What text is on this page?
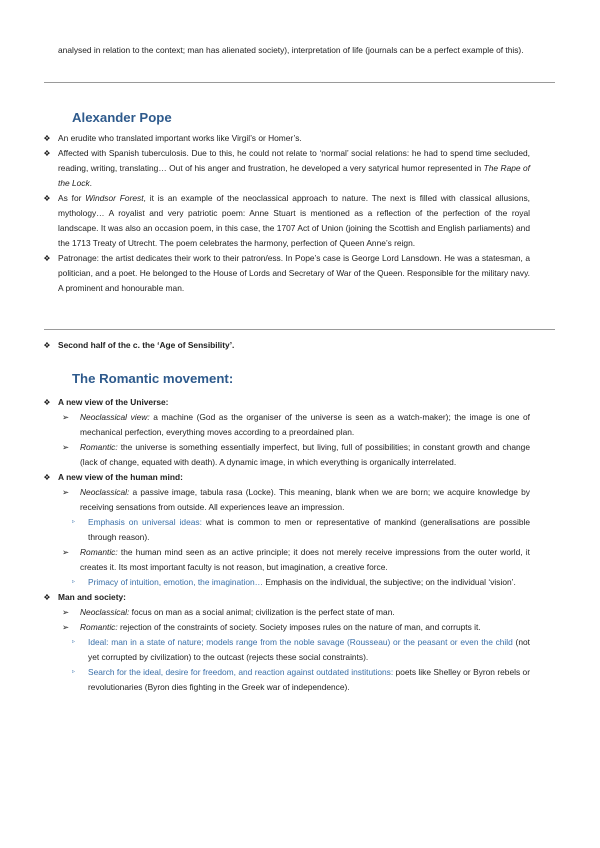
analysed in relation to the context; man has alienated society), interpretation of life (journals can be a perfect example of this).

Alexander Pope
❖ An erudite who translated important works like Virgil’s or Homer’s.
❖ Affected with Spanish tuberculosis. Due to this, he could not relate to ‘normal’ social relations: he had to spend time secluded, reading, writing, translating… Out of his anger and frustration, he developed a very satyrical humor represented in The Rape of the Lock.
❖ As for Windsor Forest, it is an example of the neoclassical approach to nature. The next is filled with classical allusions, mythology… A royalist and very patriotic poem: Anne Stuart is mentioned as a reflection of the perfection of the royal landscape. It was also an occasion poem, in this case, the 1707 Act of Union (joining the Scottish and English parliaments) and the 1713 Treaty of Utrecht. The poem celebrates the harmony, perfection of Queen Anne’s reign.
❖ Patronage: the artist dedicates their work to their patron/ess. In Pope’s case is George Lord Lansdown. He was a statesman, a politician, and a poet. He belonged to the House of Lords and Secretary of War of the Queen. Responsible for the military navy. A prominent and honourable man.
❖ Second half of the c. the ‘Age of Sensibility’.
The Romantic movement:
❖ A new view of the Universe:
➢ Neoclassical view: a machine (God as the organiser of the universe is seen as a watch-maker); the image is one of mechanical perfection, everything moves according to a preordained plan.
➢ Romantic: the universe is something essentially imperfect, but living, full of possibilities; in constant growth and change (lack of change, equated with death). A dynamic image, in which everything is organically interrelated.
❖ A new view of the human mind:
➢ Neoclassical: a passive image, tabula rasa (Locke). This meaning, blank when we are born; we acquire knowledge by receiving sensations from outside. All experiences leave an impression.
▹ Emphasis on universal ideas: what is common to men or representative of mankind (generalisations are possible through reason).
➢ Romantic: the human mind seen as an active principle; it does not merely receive impressions from the outer world, it creates it. Its most important faculty is not reason, but imagination, a creative force.
▹ Primacy of intuition, emotion, the imagination… Emphasis on the individual, the subjective; on the individual ‘vision’.
❖ Man and society:
➢ Neoclassical: focus on man as a social animal; civilization is the perfect state of man.
➢ Romantic: rejection of the constraints of society. Society imposes rules on the nature of man, and corrupts it.
▹ Ideal: man in a state of nature; models range from the noble savage (Rousseau) or the peasant or even the child (not yet corrupted by civilization) to the outcast (rejects these social constraints).
▹ Search for the ideal, desire for freedom, and reaction against outdated institutions: poets like Shelley or Byron rebels or revolutionaries (Byron dies fighting in the Greek war of independence).
